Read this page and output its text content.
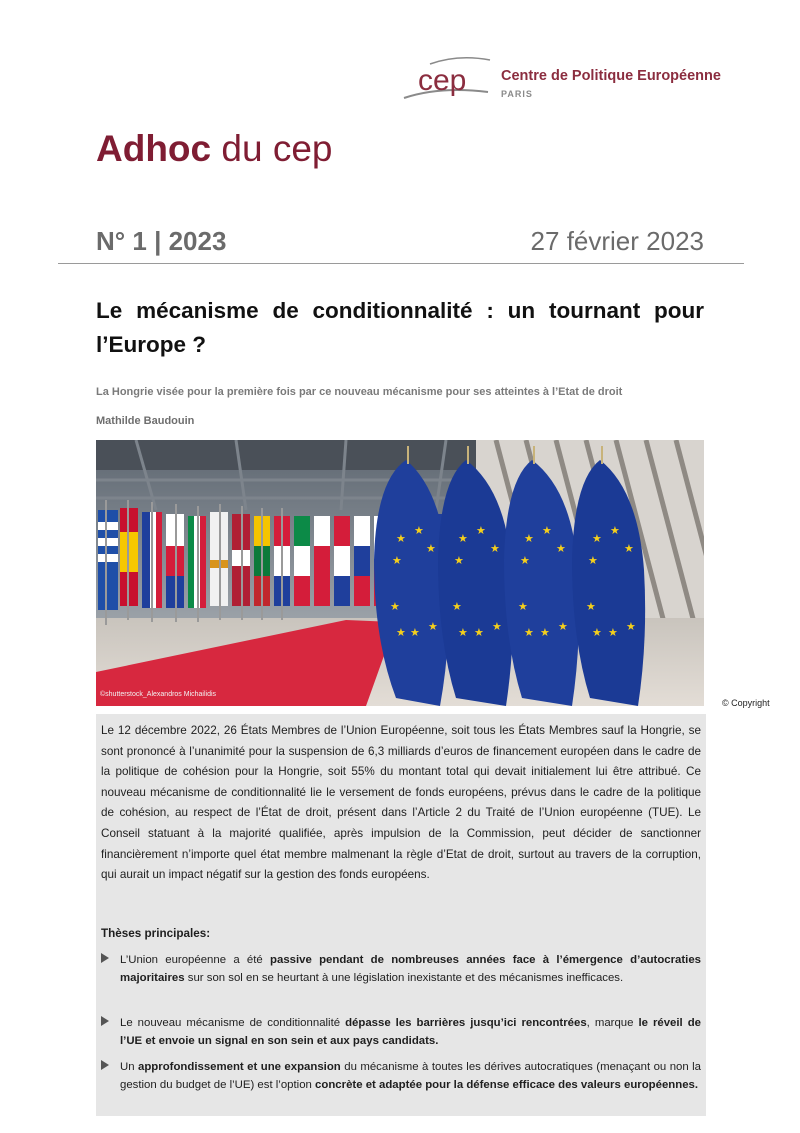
cep Centre de Politique Européenne
PARIS
Adhoc du cep
N° 1 | 2023	27 février 2023
Le mécanisme de conditionnalité : un tournant pour l’Europe ?
La Hongrie visée pour la première fois par ce nouveau mécanisme pour ses atteintes à l’Etat de droit
Mathilde Baudouin
★
★
★
★
★ ★ ★
★
★
★
★
★
★ ★ ★
★
★
★
★
★
★ ★ ★
★
★
★
★
★
★ ★ ★
★
©shutterstock_Alexandros Michailidis
© Copyright
Le 12 décembre 2022, 26 États Membres de l’Union Européenne, soit tous les États Membres sauf la Hongrie, se sont prononcé à l’unanimité pour la suspension de 6,3 milliards d’euros de financement européen dans le cadre de la politique de cohésion pour la Hongrie, soit 55% du montant total qui devait initialement lui être attribué. Ce nouveau mécanisme de conditionnalité lie le versement de fonds européens, prévus dans le cadre de la politique de cohésion, au respect de l’État de droit, présent dans l’Article 2 du Traité de l’Union européenne (TUE). Le Conseil statuant à la majorité qualifiée, après impulsion de la Commission, peut décider de sanctionner financièrement n’importe quel état membre malmenant la règle d’Etat de droit, surtout au travers de la corruption, qui aurait un impact négatif sur la gestion des fonds européens.
Thèses principales:
L’Union européenne a été passive pendant de nombreuses années face à l’émergence d’autocraties majoritaires sur son sol en se heurtant à une législation inexistante et des mécanismes inefficaces.
Le nouveau mécanisme de conditionnalité dépasse les barrières jusqu’ici rencontrées, marque le réveil de l’UE et envoie un signal en son sein et aux pays candidats.
Un approfondissement et une expansion du mécanisme à toutes les dérives autocratiques (menaçant ou non la gestion du budget de l’UE) est l’option concrète et adaptée pour la défense efficace des valeurs européennes.
